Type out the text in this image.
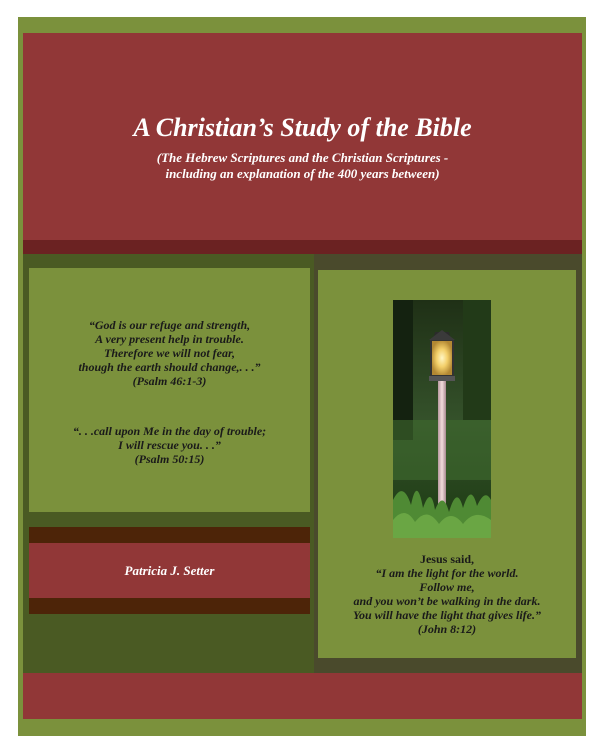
A Christian’s Study of the Bible
(The Hebrew Scriptures and the Christian Scriptures -
including an explanation of the 400 years between)
“God is our refuge and strength,
A very present help in trouble.
Therefore we will not fear,
though the earth should change,. . .”
(Psalm 46:1-3)
“. . .call upon Me in the day of trouble;
I will rescue you. . .”
(Psalm 50:15)
Patricia J. Setter
Jesus said,
“I am the light for the world.
Follow me,
and you won’t be walking in the dark.
You will have the light that gives life.”
(John 8:12)
